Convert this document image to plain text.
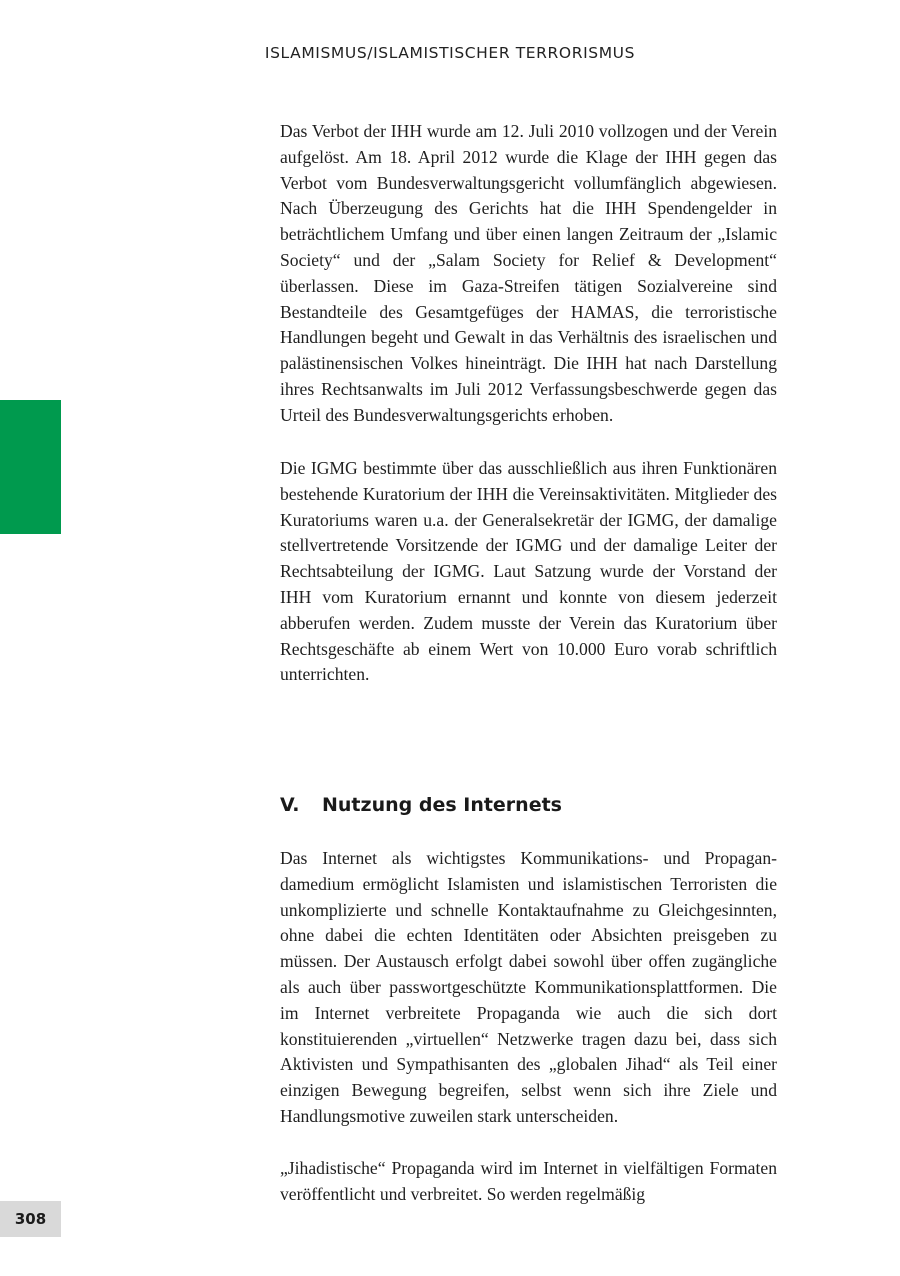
ISLAMISMUS/ISLAMISTISCHER TERRORISMUS

Das Verbot der IHH wurde am 12. Juli 2010 vollzogen und der Verein aufgelöst. Am 18. April 2012 wurde die Klage der IHH gegen das Verbot vom Bundesverwaltungsgericht vollumfänglich abgewiesen. Nach Überzeugung des Gerichts hat die IHH Spendengelder in beträchtlichem Umfang und über einen langen Zeitraum der „Islamic Society“ und der „Salam Society for Relief & Development“ überlassen. Diese im Gaza-Streifen tätigen Sozialvereine sind Bestandteile des Gesamtgefüges der HAMAS, die terroristische Handlungen begeht und Gewalt in das Verhältnis des israelischen und palästinensischen Volkes hineinträgt. Die IHH hat nach Darstellung ihres Rechtsanwalts im Juli 2012 Verfassungsbeschwerde gegen das Urteil des Bundesverwaltungsgerichts erhoben.

Die IGMG bestimmte über das ausschließlich aus ihren Funktionären bestehende Kuratorium der IHH die Vereinsaktivitäten. Mitglieder des Kuratoriums waren u.a. der Generalsekretär der IGMG, der damalige stellvertretende Vorsitzende der IGMG und der damalige Leiter der Rechtsabteilung der IGMG. Laut Satzung wurde der Vorstand der IHH vom Kuratorium ernannt und konnte von diesem jederzeit abberufen werden. Zudem musste der Verein das Kuratorium über Rechtsgeschäfte ab einem Wert von 10.000 Euro vorab schriftlich unterrichten.

V. Nutzung des Internets

Das Internet als wichtigstes Kommunikations- und Propagandamedium ermöglicht Islamisten und islamistischen Terroristen die unkomplizierte und schnelle Kontaktaufnahme zu Gleichgesinnten, ohne dabei die echten Identitäten oder Absichten preisgeben zu müssen. Der Austausch erfolgt dabei sowohl über offen zugängliche als auch über passwortgeschützte Kommunikationsplattformen. Die im Internet verbreitete Propaganda wie auch die sich dort konstituierenden „virtuellen“ Netzwerke tragen dazu bei, dass sich Aktivisten und Sympathisanten des „globalen Jihad“ als Teil einer einzigen Bewegung begreifen, selbst wenn sich ihre Ziele und Handlungsmotive zuweilen stark unterscheiden.

„Jihadistische“ Propaganda wird im Internet in vielfältigen Formaten veröffentlicht und verbreitet. So werden regelmäßig

308
